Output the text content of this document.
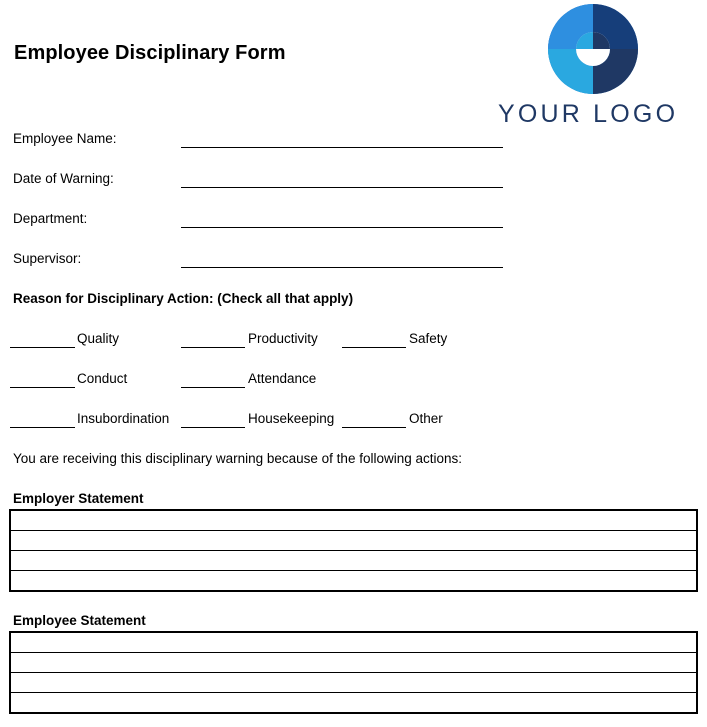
Employee Disciplinary Form
YOUR LOGO
Employee Name:
Date of Warning:
Department:
Supervisor:
Reason for Disciplinary Action: (Check all that apply)
Quality	Productivity	Safety
Conduct	Attendance
Insubordination	Housekeeping	Other
You are receiving this disciplinary warning because of the following actions:
Employer Statement
Employee Statement
